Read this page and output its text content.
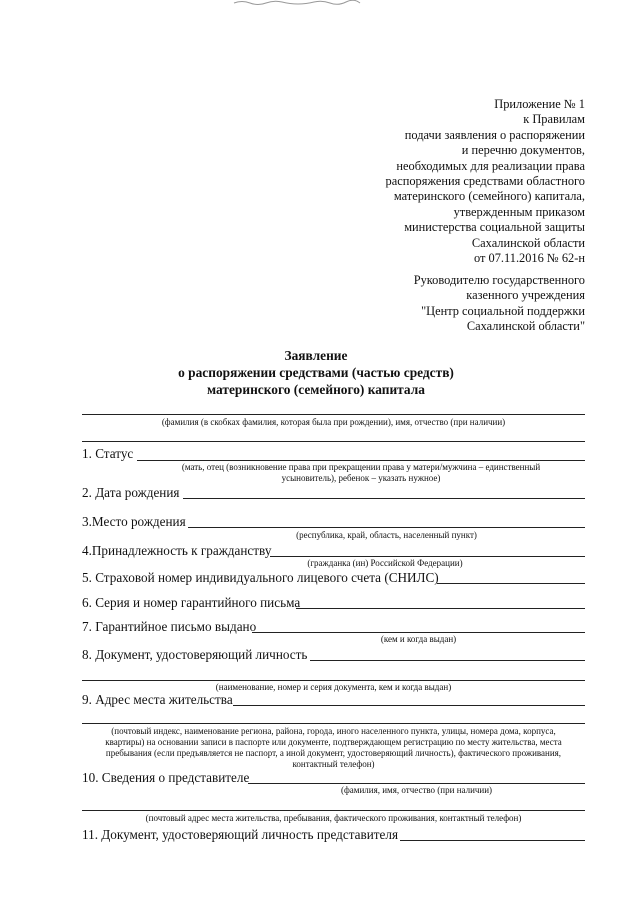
Приложение № 1
к Правилам
подачи заявления о распоряжении
и перечню документов,
необходимых для реализации права
распоряжения средствами областного
материнского (семейного) капитала,
утвержденным приказом
министерства социальной защиты
Сахалинской области
от 07.11.2016 № 62-н
Руководителю государственного
казенного учреждения
"Центр социальной поддержки
Сахалинской области"
Заявление
о распоряжении средствами (частью средств)
материнского (семейного) капитала
(фамилия (в скобках фамилия, которая была при рождении), имя, отчество (при наличии)
1. Статус
(мать, отец (возникновение права при прекращении права у матери/мужчина – единственный
усыновитель), ребенок – указать нужное)
2. Дата рождения
3.Место рождения
(республика, край, область, населенный пункт)
4.Принадлежность к гражданству
(гражданка (ин) Российской Федерации)
5. Страховой номер индивидуального лицевого счета (СНИЛС)
6. Серия и номер гарантийного письма
7. Гарантийное письмо выдано
(кем и когда выдан)
8. Документ, удостоверяющий личность
(наименование, номер и серия документа, кем и когда выдан)
9. Адрес места жительства
(почтовый индекс, наименование региона, района, города, иного населенного пункта, улицы, номера дома, корпуса,
квартиры) на основании записи в паспорте или документе, подтверждающем регистрацию по месту жительства, места
пребывания (если предъявляется не паспорт, а иной документ, удостоверяющий личность), фактического проживания,
контактный телефон)
10. Сведения о представителе
(фамилия, имя, отчество (при наличии)
(почтовый адрес места жительства, пребывания, фактического проживания, контактный телефон)
11. Документ, удостоверяющий личность представителя
